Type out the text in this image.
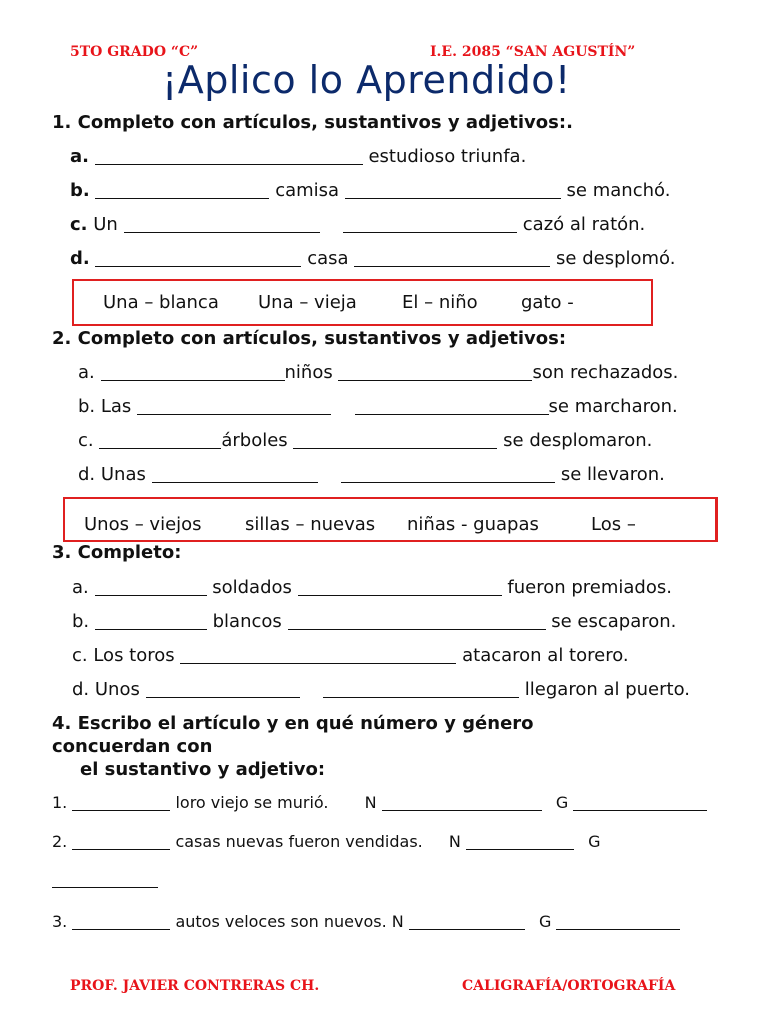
5TO GRADO “C”	I.E. 2085 “SAN AGUSTÍN”
¡Aplico lo Aprendido!
1. Completo con artículos, sustantivos y adjetivos:.
a.	estudioso triunfa.
b.	camisa	se manchó.
c. Un	cazó al ratón.
d.	casa	se desplomó.
Una – blanca Una – vieja	El – niño gato -
2. Completo con artículos, sustantivos y adjetivos:
a.	niños	son rechazados.
b. Las	se marcharon.
c.	árboles	se desplomaron.
d. Unas	se llevaron.
Unos – viejos sillas – nuevas niñas - guapas	Los –
3. Completo:
a.	soldados	fueron premiados.
b.	blancos	se escaparon.
c. Los toros	atacaron al torero.
d. Unos	llegaron al puerto.
4. Escribo el artículo y en qué número y género
concuerdan con
el sustantivo y adjetivo:
1.	loro viejo se murió. N	G
2.	casas nuevas fueron vendidas. N	G
3.	autos veloces son nuevos. N	G
PROF. JAVIER CONTRERAS CH.	CALIGRAFÍA/ORTOGRAFÍA
